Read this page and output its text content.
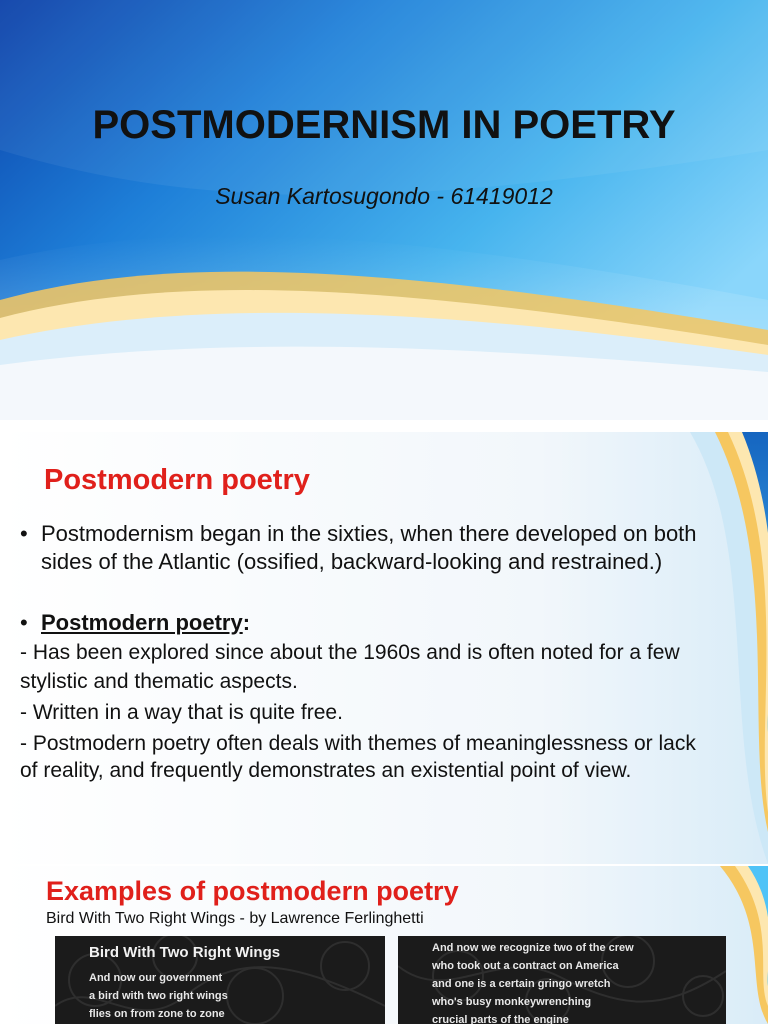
POSTMODERNISM IN POETRY
Susan Kartosugondo - 61419012
Postmodern poetry
• Postmodernism began in the sixties, when there developed on both
sides of the Atlantic (ossified, backward-looking and restrained.)
• Postmodern poetry:
- Has been explored since about the 1960s and is often noted for a few
stylistic and thematic aspects.
- Written in a way that is quite free.
- Postmodern poetry often deals with themes of meaninglessness or lack
of reality, and frequently demonstrates an existential point of view.
Examples of postmodern poetry
Bird With Two Right Wings - by Lawrence Ferlinghetti
Bird With Two Right Wings
And now our government
a bird with two right wings
flies on from zone to zone
And now we recognize two of the crew
who took out a contract on America
and one is a certain gringo wretch
who's busy monkeywrenching
crucial parts of the engine
